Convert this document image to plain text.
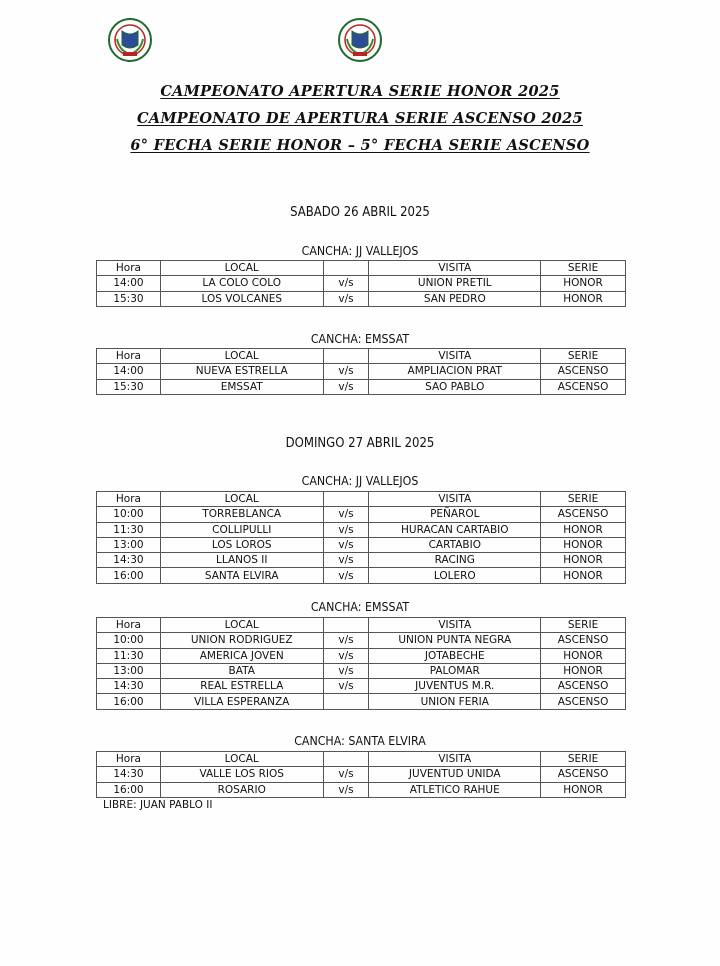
CAMPEONATO APERTURA SERIE HONOR 2025
CAMPEONATO DE APERTURA SERIE ASCENSO 2025
6° FECHA SERIE HONOR – 5° FECHA SERIE ASCENSO
SABADO 26 ABRIL 2025
CANCHA: JJ VALLEJOS
Hora	LOCAL		VISITA	SERIE
14:00	LA COLO COLO	v/s	UNION PRETIL	HONOR
15:30	LOS VOLCANES	v/s	SAN PEDRO	HONOR
CANCHA: EMSSAT
Hora	LOCAL		VISITA	SERIE
14:00	NUEVA ESTRELLA	v/s	AMPLIACION PRAT	ASCENSO
15:30	EMSSAT	v/s	SAO PABLO	ASCENSO
DOMINGO 27 ABRIL 2025
CANCHA: JJ VALLEJOS
Hora	LOCAL		VISITA	SERIE
10:00	TORREBLANCA	v/s	PEÑAROL	ASCENSO
11:30	COLLIPULLI	v/s	HURACAN CARTABIO	HONOR
13:00	LOS LOROS	v/s	CARTABIO	HONOR
14:30	LLANOS II	v/s	RACING	HONOR
16:00	SANTA ELVIRA	v/s	LOLERO	HONOR
CANCHA: EMSSAT
Hora	LOCAL		VISITA	SERIE
10:00	UNION RODRIGUEZ	v/s	UNION PUNTA NEGRA	ASCENSO
11:30	AMERICA JOVEN	v/s	JOTABECHE	HONOR
13:00	BATA	v/s	PALOMAR	HONOR
14:30	REAL ESTRELLA	v/s	JUVENTUS M.R.	ASCENSO
16:00	VILLA ESPERANZA		UNION FERIA	ASCENSO
CANCHA: SANTA ELVIRA
Hora	LOCAL		VISITA	SERIE
14:30	VALLE LOS RIOS	v/s	JUVENTUD UNIDA	ASCENSO
16:00	ROSARIO	v/s	ATLETICO RAHUE	HONOR
LIBRE: JUAN PABLO II
